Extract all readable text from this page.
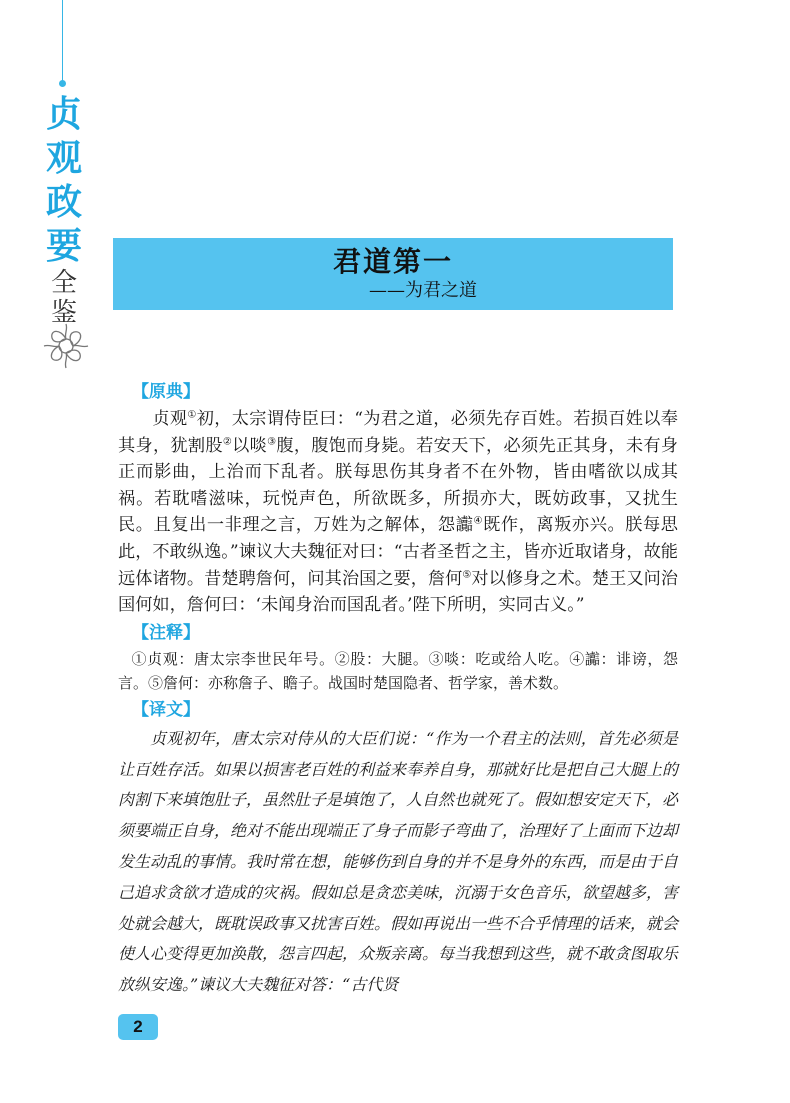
贞
观
政
要
全
鉴
君道第一
——为君之道
【原典】

贞观①初，太宗谓侍臣曰：“为君之道，必须先存百姓。若损百姓以奉其身，犹割股②以啖③腹，腹饱而身毙。若安天下，必须先正其身，未有身正而影曲，上治而下乱者。朕每思伤其身者不在外物，皆由嗜欲以成其祸。若耽嗜滋味，玩悦声色，所欲既多，所损亦大，既妨政事，又扰生民。且复出一非理之言，万姓为之解体，怨讟④既作，离叛亦兴。朕每思此，不敢纵逸。”谏议大夫魏征对曰：“古者圣哲之主，皆亦近取诸身，故能远体诸物。昔楚聘詹何，问其治国之要，詹何⑤对以修身之术。楚王又问治国何如，詹何曰：‘未闻身治而国乱者。’陛下所明，实同古义。”

【注释】

①贞观：唐太宗李世民年号。②股：大腿。③啖：吃或给人吃。④讟：诽谤，怨言。⑤詹何：亦称詹子、瞻子。战国时楚国隐者、哲学家，善术数。

【译文】

贞观初年，唐太宗对侍从的大臣们说：“作为一个君主的法则，首先必须是让百姓存活。如果以损害老百姓的利益来奉养自身，那就好比是把自己大腿上的肉割下来填饱肚子，虽然肚子是填饱了，人自然也就死了。假如想安定天下，必须要端正自身，绝对不能出现端正了身子而影子弯曲了，治理好了上面而下边却发生动乱的事情。我时常在想，能够伤到自身的并不是身外的东西，而是由于自己追求贪欲才造成的灾祸。假如总是贪恋美味，沉溺于女色音乐，欲望越多，害处就会越大，既耽误政事又扰害百姓。假如再说出一些不合乎情理的话来，就会使人心变得更加涣散，怨言四起，众叛亲离。每当我想到这些，就不敢贪图取乐放纵安逸。”谏议大夫魏征对答：“古代贤

2
